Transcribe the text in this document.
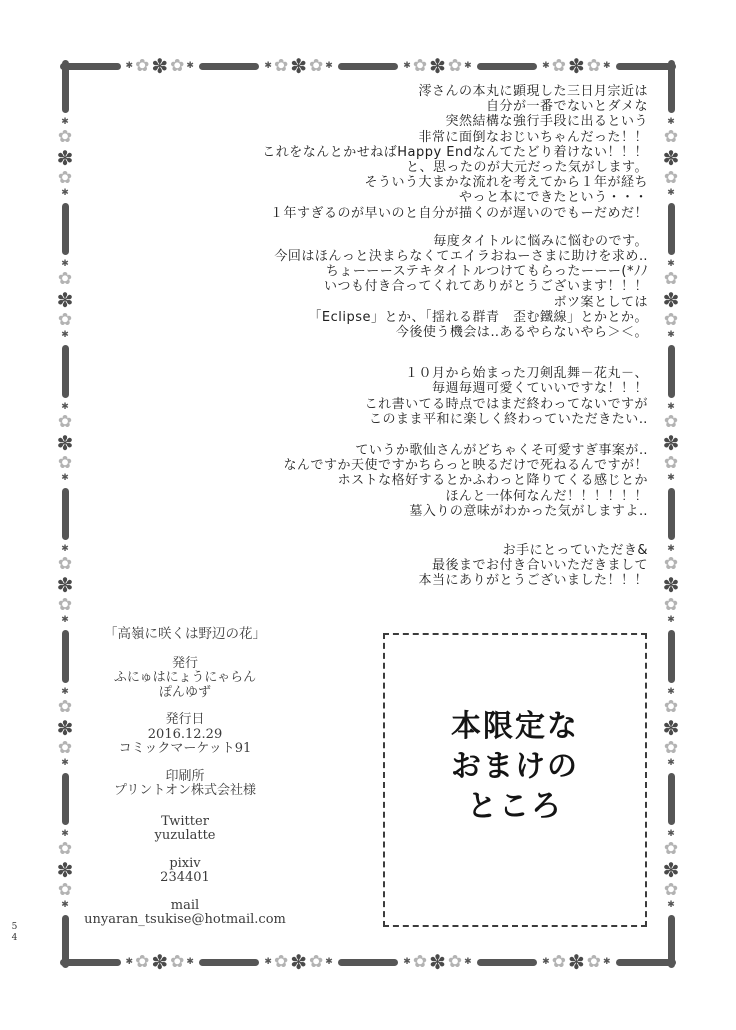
✱ ✿ ✽ ✿ ✱	✱ ✿ ✽ ✿ ✱	✱ ✿ ✽ ✿ ✱	✱ ✿ ✽ ✿ ✱
✱ ✿ ✽ ✿ ✱	✱ ✿ ✽ ✿ ✱	✱ ✿ ✽ ✿ ✱	✱ ✿ ✽ ✿ ✱
✱
✿
✽
✿
✱
✱
✿
✽
✿
✱
✱
✿
✽
✿
✱
✱
✿
✽
✿
✱
✱
✿
✽
✿
✱
✱
✿
✽
✿
✱
✱
✿
✽
✿
✱
✱
✿
✽
✿
✱
✱
✿
✽
✿
✱
✱
✿
✽
✿
✱
✱
✿
✽
✿
✱
✱
✿
✽
✿
✱
澪さんの本丸に顕現した三日月宗近は
自分が一番でないとダメな
突然結構な強行手段に出るという
非常に面倒なおじいちゃんだった！！
これをなんとかせねばHappy Endなんてたどり着けない！！！
と、思ったのが大元だった気がします。
そういう大まかな流れを考えてから１年が経ち
やっと本にできたという・・・
１年すぎるのが早いのと自分が描くのが遅いのでもーだめだ！
毎度タイトルに悩みに悩むのです。
今回はほんっと決まらなくてエイラおねーさまに助けを求め‥
ちょーーーステキタイトルつけてもらったーーー(*ﾉﾉ
いつも付き合ってくれてありがとうございます！！！
ボツ案としては
「Eclipse」とか、「揺れる群青　歪む鐵線」とかとか。
今後使う機会は‥あるやらないやら＞＜。
１０月から始まった刀剣乱舞－花丸－、
毎週毎週可愛くていいですな！！！
これ書いてる時点ではまだ終わってないですが
このまま平和に楽しく終わっていただきたい‥
ていうか歌仙さんがどちゃくそ可愛すぎ事案が‥
なんですか天使ですかちらっと映るだけで死ねるんですが！
ホストな格好するとかふわっと降りてくる感じとか
ほんと一体何なんだ！！！！！！
墓入りの意味がわかった気がしますよ‥
お手にとっていただき&
最後までお付き合いいただきまして
本当にありがとうございました！！！
「高嶺に咲くは野辺の花」
発行
ふにゅはにょうにゃらん
ぽんゆず
発行日
2016.12.29
コミックマーケット91
印刷所
プリントオン株式会社様
Twitter
yuzulatte
pixiv
234401
mail
unyaran_tsukise@hotmail.com
本限定な
おまけの
ところ
54
